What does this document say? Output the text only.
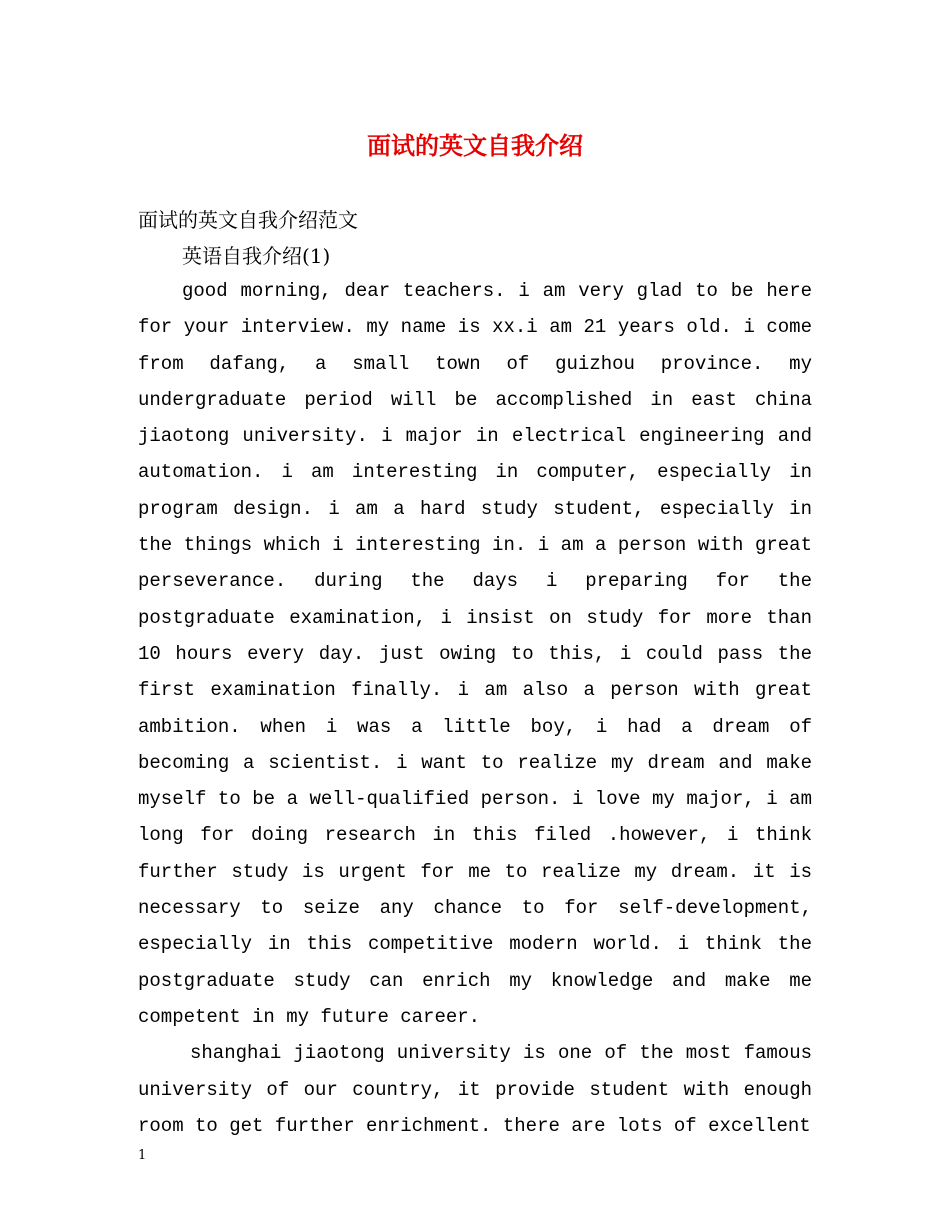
面试的英文自我介绍

面试的英文自我介绍范文

英语自我介绍(1)

good morning, dear teachers. i am very glad to be here for your interview. my name is xx.i am 21 years old. i come from dafang, a small town of guizhou province. my undergraduate period will be accomplished in east china jiaotong university. i major in electrical engineering and automation. i am interesting in computer, especially in program design. i am a hard study student, especially in the things which i interesting in. i am a person with great perseverance. during the days i preparing for the postgraduate examination, i insist on study for more than 10 hours every day. just owing to this, i could pass the first examination finally. i am also a person with great ambition. when i was a little boy, i had a dream of becoming a scientist. i want to realize my dream and make myself to be a well-qualified person. i love my major, i am long for doing research in this filed .however, i think further study is urgent for me to realize my dream. it is necessary to seize any chance to for self-development, especially in this competitive modern world. i think the postgraduate study can enrich my knowledge and make me competent in my future career.

shanghai jiaotong university is one of the most famous university of our country, it provide student with enough room to get further enrichment. there are lots of excellent

1
